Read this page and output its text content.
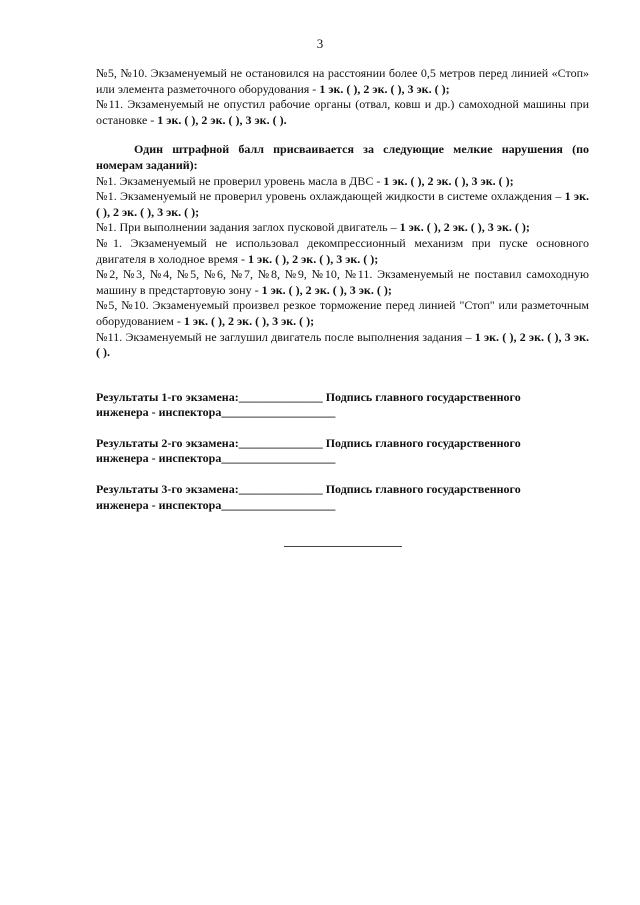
3

№5, №10. Экзаменуемый не остановился на расстоянии более 0,5 метров перед линией «Стоп» или элемента разметочного оборудования - 1 эк. ( ), 2 эк. ( ), 3 эк. ( );

№11. Экзаменуемый не опустил рабочие органы (отвал, ковш и др.) самоходной машины при остановке - 1 эк. ( ), 2 эк. ( ), 3 эк. ( ).

Один штрафной балл присваивается за следующие мелкие нарушения (по номерам заданий):

№1. Экзаменуемый не проверил уровень масла в ДВС - 1 эк. ( ), 2 эк. ( ), 3 эк. ( );

№1. Экзаменуемый не проверил уровень охлаждающей жидкости в системе охлаждения – 1 эк. ( ), 2 эк. ( ), 3 эк. ( );

№1. При выполнении задания заглох пусковой двигатель – 1 эк. ( ), 2 эк. ( ), 3 эк. ( );

№1. Экзаменуемый не использовал декомпрессионный механизм при пуске основного двигателя в холодное время - 1 эк. ( ), 2 эк. ( ), 3 эк. ( );

№2, №3, №4, №5, №6, №7, №8, №9, №10, №11. Экзаменуемый не поставил самоходную машину в предстартовую зону - 1 эк. ( ), 2 эк. ( ), 3 эк. ( );

№5, №10. Экзаменуемый произвел резкое торможение перед линией "Стоп" или разметочным оборудованием - 1 эк. ( ), 2 эк. ( ), 3 эк. ( );

№11. Экзаменуемый не заглушил двигатель после выполнения задания – 1 эк. ( ), 2 эк. ( ), 3 эк. ( ).

Результаты 1-го экзамена:______________ Подпись главного государственного
инженера - инспектора___________________
Результаты 2-го экзамена:______________ Подпись главного государственного
инженера - инспектора___________________
Результаты 3-го экзамена:______________ Подпись главного государственного
инженера - инспектора___________________
